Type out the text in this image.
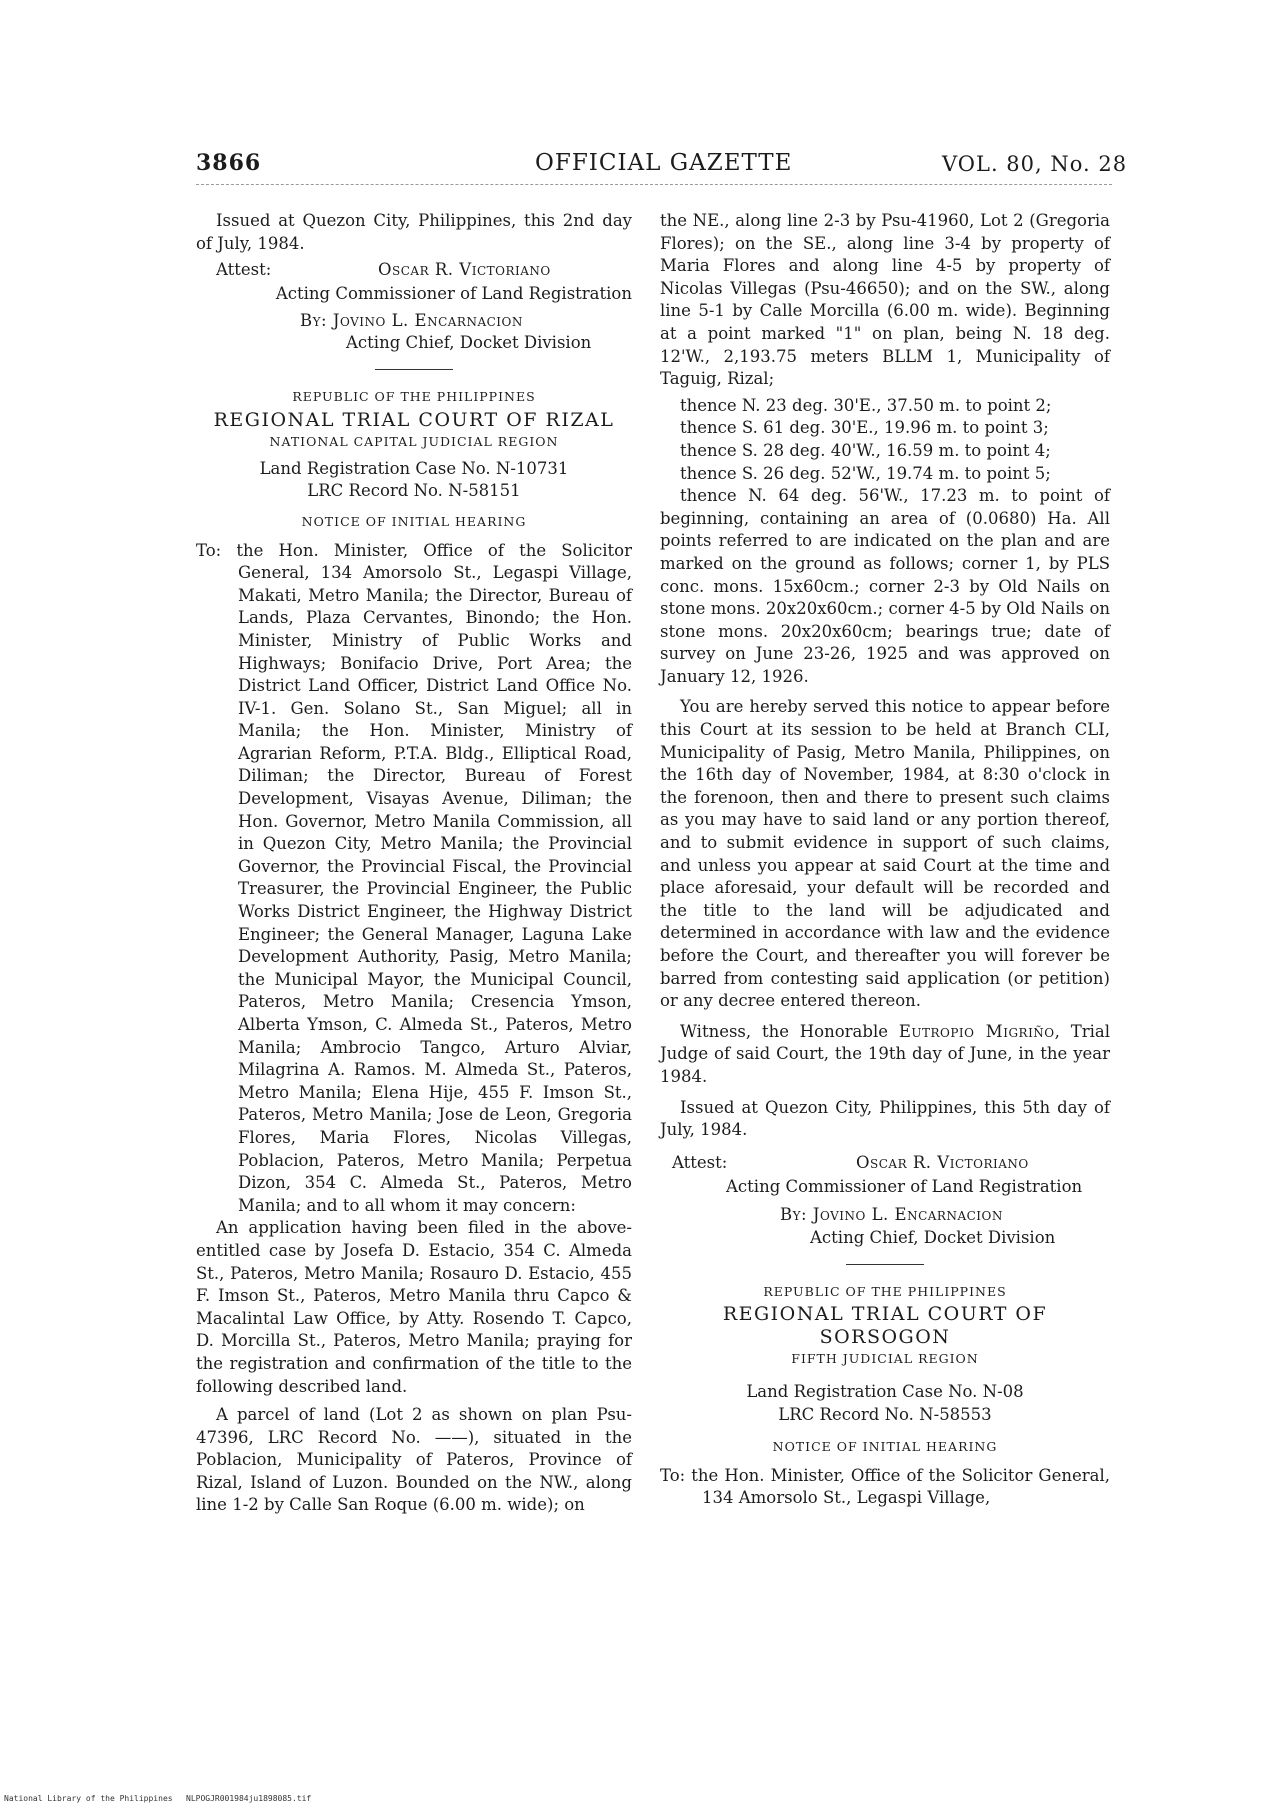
3866	OFFICIAL GAZETTE	VOL. 80, No. 28

Issued at Quezon City, Philippines, this 2nd day of July, 1984.

Attest:	Oscar R. Victoriano

Acting Commissioner of Land Registration

By: Jovino L. Encarnacion

Acting Chief, Docket Division

REPUBLIC OF THE PHILIPPINES

REGIONAL TRIAL COURT OF RIZAL

NATIONAL CAPITAL JUDICIAL REGION

Land Registration Case No. N-10731

LRC Record No. N-58151

NOTICE OF INITIAL HEARING

To: the Hon. Minister, Office of the Solicitor General, 134 Amorsolo St., Legaspi Village, Makati, Metro Manila; the Director, Bureau of Lands, Plaza Cervantes, Binondo; the Hon. Minister, Ministry of Public Works and Highways; Bonifacio Drive, Port Area; the District Land Officer, District Land Office No. IV-1. Gen. Solano St., San Miguel; all in Manila; the Hon. Minister, Ministry of Agrarian Reform, P.T.A. Bldg., Elliptical Road, Diliman; the Director, Bureau of Forest Development, Visayas Avenue, Diliman; the Hon. Governor, Metro Manila Commission, all in Quezon City, Metro Manila; the Provincial Governor, the Provincial Fiscal, the Provincial Treasurer, the Provincial Engineer, the Public Works District Engineer, the Highway District Engineer; the General Manager, Laguna Lake Development Authority, Pasig, Metro Manila; the Municipal Mayor, the Municipal Council, Pateros, Metro Manila; Cresencia Ymson, Alberta Ymson, C. Almeda St., Pateros, Metro Manila; Ambrocio Tangco, Arturo Alviar, Milagrina A. Ramos. M. Almeda St., Pateros, Metro Manila; Elena Hije, 455 F. Imson St., Pateros, Metro Manila; Jose de Leon, Gregoria Flores, Maria Flores, Nicolas Villegas, Poblacion, Pateros, Metro Manila; Perpetua Dizon, 354 C. Almeda St., Pateros, Metro Manila; and to all whom it may concern:

An application having been filed in the above-entitled case by Josefa D. Estacio, 354 C. Almeda St., Pateros, Metro Manila; Rosauro D. Estacio, 455 F. Imson St., Pateros, Metro Manila thru Capco & Macalintal Law Office, by Atty. Rosendo T. Capco, D. Morcilla St., Pateros, Metro Manila; praying for the registration and confirmation of the title to the following described land.

A parcel of land (Lot 2 as shown on plan Psu-47396, LRC Record No. ——), situated in the Poblacion, Municipality of Pateros, Province of Rizal, Island of Luzon. Bounded on the NW., along line 1-2 by Calle San Roque (6.00 m. wide); on

the NE., along line 2-3 by Psu-41960, Lot 2 (Gregoria Flores); on the SE., along line 3-4 by property of Maria Flores and along line 4-5 by property of Nicolas Villegas (Psu-46650); and on the SW., along line 5-1 by Calle Morcilla (6.00 m. wide). Beginning at a point marked "1" on plan, being N. 18 deg. 12'W., 2,193.75 meters BLLM 1, Municipality of Taguig, Rizal;

thence N. 23 deg. 30'E., 37.50 m. to point 2;

thence S. 61 deg. 30'E., 19.96 m. to point 3;

thence S. 28 deg. 40'W., 16.59 m. to point 4;

thence S. 26 deg. 52'W., 19.74 m. to point 5;

thence N. 64 deg. 56'W., 17.23 m. to point of beginning, containing an area of (0.0680) Ha. All points referred to are indicated on the plan and are marked on the ground as follows; corner 1, by PLS conc. mons. 15x60cm.; corner 2-3 by Old Nails on stone mons. 20x20x60cm.; corner 4-5 by Old Nails on stone mons. 20x20x60cm; bearings true; date of survey on June 23-26, 1925 and was approved on January 12, 1926.

You are hereby served this notice to appear before this Court at its session to be held at Branch CLI, Municipality of Pasig, Metro Manila, Philippines, on the 16th day of November, 1984, at 8:30 o'clock in the forenoon, then and there to present such claims as you may have to said land or any portion thereof, and to submit evidence in support of such claims, and unless you appear at said Court at the time and place aforesaid, your default will be recorded and the title to the land will be adjudicated and determined in accordance with law and the evidence before the Court, and thereafter you will forever be barred from contesting said application (or petition) or any decree entered thereon.

Witness, the Honorable Eutropio Migriño, Trial Judge of said Court, the 19th day of June, in the year 1984.

Issued at Quezon City, Philippines, this 5th day of July, 1984.

Attest:	Oscar R. Victoriano

Acting Commissioner of Land Registration

By: Jovino L. Encarnacion

Acting Chief, Docket Division

REPUBLIC OF THE PHILIPPINES

REGIONAL TRIAL COURT OF SORSOGON

FIFTH JUDICIAL REGION

Land Registration Case No. N-08

LRC Record No. N-58553

NOTICE OF INITIAL HEARING

To: the Hon. Minister, Office of the Solicitor General, 134 Amorsolo St., Legaspi Village,

National Library of the Philippines NLPOGJR001984ju1898085.tif
